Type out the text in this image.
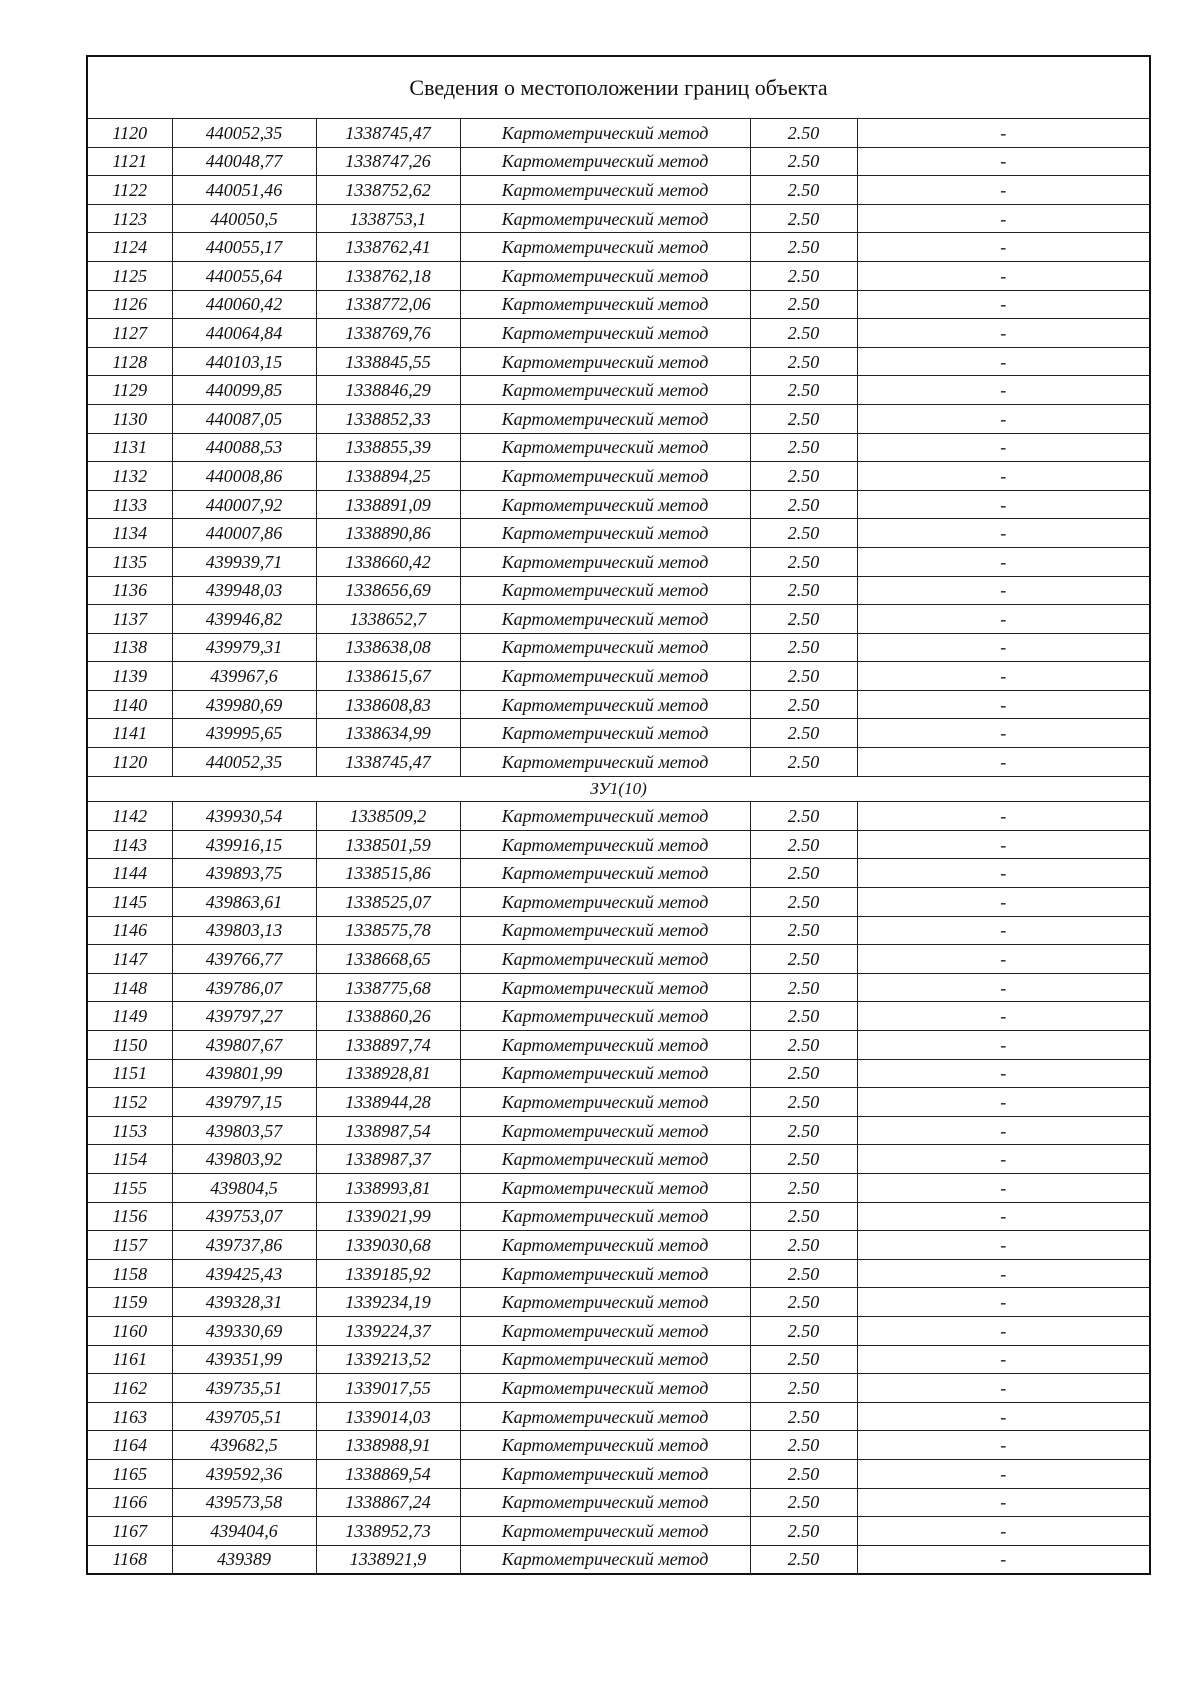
Сведения о местоположении границ объекта					
1120	440052,35	1338745,47	Картометрический метод	2.50	-
1121	440048,77	1338747,26	Картометрический метод	2.50	-
1122	440051,46	1338752,62	Картометрический метод	2.50	-
1123	440050,5	1338753,1	Картометрический метод	2.50	-
1124	440055,17	1338762,41	Картометрический метод	2.50	-
1125	440055,64	1338762,18	Картометрический метод	2.50	-
1126	440060,42	1338772,06	Картометрический метод	2.50	-
1127	440064,84	1338769,76	Картометрический метод	2.50	-
1128	440103,15	1338845,55	Картометрический метод	2.50	-
1129	440099,85	1338846,29	Картометрический метод	2.50	-
1130	440087,05	1338852,33	Картометрический метод	2.50	-
1131	440088,53	1338855,39	Картометрический метод	2.50	-
1132	440008,86	1338894,25	Картометрический метод	2.50	-
1133	440007,92	1338891,09	Картометрический метод	2.50	-
1134	440007,86	1338890,86	Картометрический метод	2.50	-
1135	439939,71	1338660,42	Картометрический метод	2.50	-
1136	439948,03	1338656,69	Картометрический метод	2.50	-
1137	439946,82	1338652,7	Картометрический метод	2.50	-
1138	439979,31	1338638,08	Картометрический метод	2.50	-
1139	439967,6	1338615,67	Картометрический метод	2.50	-
1140	439980,69	1338608,83	Картометрический метод	2.50	-
1141	439995,65	1338634,99	Картометрический метод	2.50	-
1120	440052,35	1338745,47	Картометрический метод	2.50	-
ЗУ1(10)					
1142	439930,54	1338509,2	Картометрический метод	2.50	-
1143	439916,15	1338501,59	Картометрический метод	2.50	-
1144	439893,75	1338515,86	Картометрический метод	2.50	-
1145	439863,61	1338525,07	Картометрический метод	2.50	-
1146	439803,13	1338575,78	Картометрический метод	2.50	-
1147	439766,77	1338668,65	Картометрический метод	2.50	-
1148	439786,07	1338775,68	Картометрический метод	2.50	-
1149	439797,27	1338860,26	Картометрический метод	2.50	-
1150	439807,67	1338897,74	Картометрический метод	2.50	-
1151	439801,99	1338928,81	Картометрический метод	2.50	-
1152	439797,15	1338944,28	Картометрический метод	2.50	-
1153	439803,57	1338987,54	Картометрический метод	2.50	-
1154	439803,92	1338987,37	Картометрический метод	2.50	-
1155	439804,5	1338993,81	Картометрический метод	2.50	-
1156	439753,07	1339021,99	Картометрический метод	2.50	-
1157	439737,86	1339030,68	Картометрический метод	2.50	-
1158	439425,43	1339185,92	Картометрический метод	2.50	-
1159	439328,31	1339234,19	Картометрический метод	2.50	-
1160	439330,69	1339224,37	Картометрический метод	2.50	-
1161	439351,99	1339213,52	Картометрический метод	2.50	-
1162	439735,51	1339017,55	Картометрический метод	2.50	-
1163	439705,51	1339014,03	Картометрический метод	2.50	-
1164	439682,5	1338988,91	Картометрический метод	2.50	-
1165	439592,36	1338869,54	Картометрический метод	2.50	-
1166	439573,58	1338867,24	Картометрический метод	2.50	-
1167	439404,6	1338952,73	Картометрический метод	2.50	-
1168	439389	1338921,9	Картометрический метод	2.50	-
